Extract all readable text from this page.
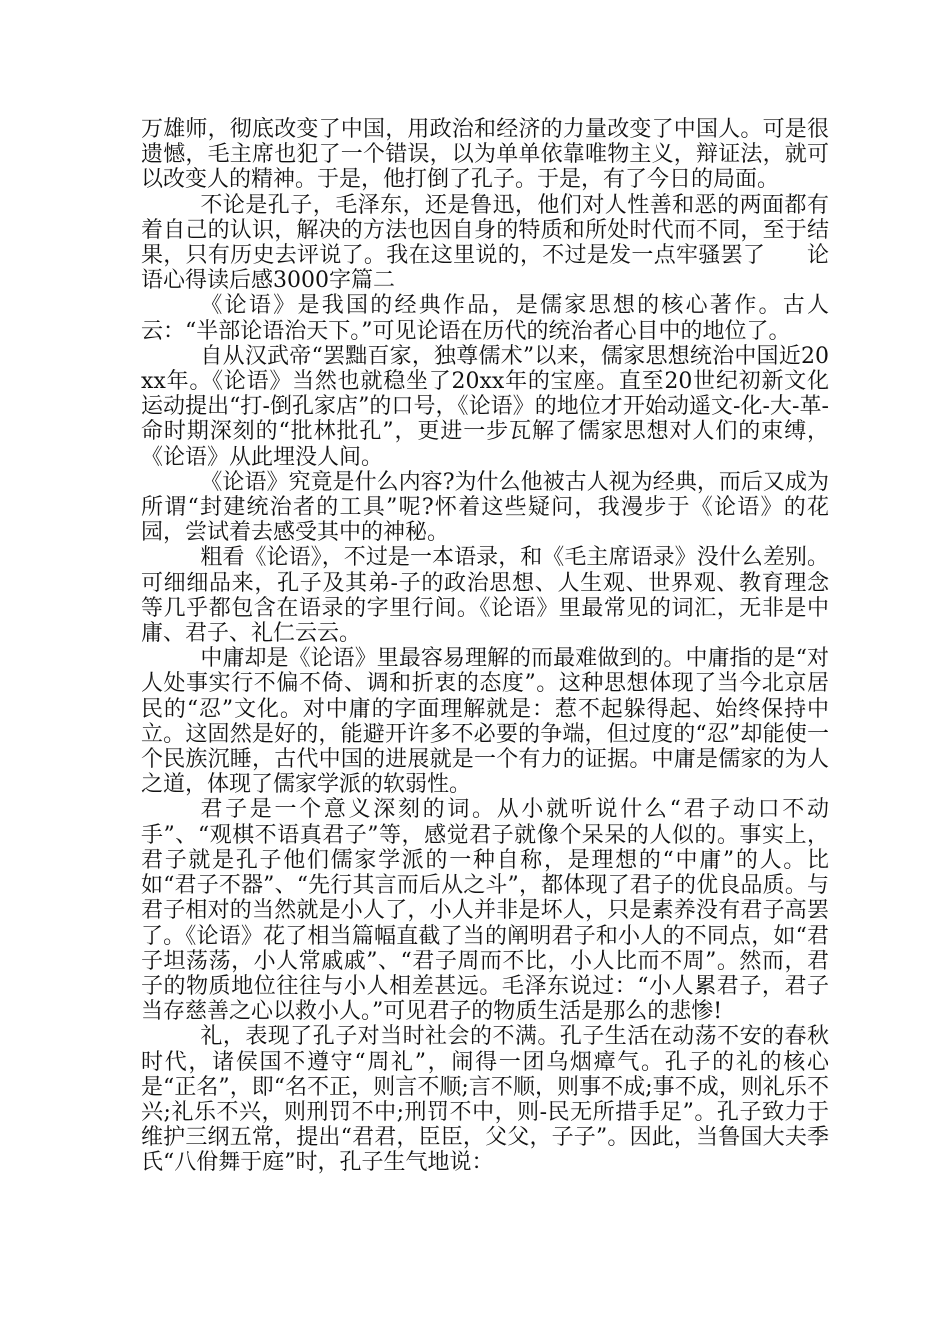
万雄师，彻底改变了中国，用政治和经济的力量改变了中国人。可是很遗憾，毛主席也犯了一个错误，以为单单依靠唯物主义，辩证法，就可以改变人的精神。于是，他打倒了孔子。于是，有了今日的局面。

不论是孔子，毛泽东，还是鲁迅，他们对人性善和恶的两面都有着自己的认识，解决的方法也因自身的特质和所处时代而不同，至于结果，只有历史去评说了。我在这里说的，不过是发一点牢骚罢了 论语心得读后感3000字篇二

《论语》是我国的经典作品，是儒家思想的核心著作。古人云：“半部论语治天下。”可见论语在历代的统治者心目中的地位了。

自从汉武帝“罢黜百家，独尊儒术”以来，儒家思想统治中国近20xx年。《论语》当然也就稳坐了20xx年的宝座。直至20世纪初新文化运动提出“打-倒孔家店”的口号，《论语》的地位才开始动遥文-化-大-革-命时期深刻的“批林批孔”，更进一步瓦解了儒家思想对人们的束缚，《论语》从此埋没人间。

《论语》究竟是什么内容?为什么他被古人视为经典，而后又成为所谓“封建统治者的工具”呢?怀着这些疑问，我漫步于《论语》的花园，尝试着去感受其中的神秘。

粗看《论语》，不过是一本语录，和《毛主席语录》没什么差别。可细细品来，孔子及其弟-子的政治思想、人生观、世界观、教育理念等几乎都包含在语录的字里行间。《论语》里最常见的词汇，无非是中庸、君子、礼仁云云。

中庸却是《论语》里最容易理解的而最难做到的。中庸指的是“对人处事实行不偏不倚、调和折衷的态度”。这种思想体现了当今北京居民的“忍”文化。对中庸的字面理解就是：惹不起躲得起、始终保持中立。这固然是好的，能避开许多不必要的争端，但过度的“忍”却能使一个民族沉睡，古代中国的进展就是一个有力的证据。中庸是儒家的为人之道，体现了儒家学派的软弱性。

君子是一个意义深刻的词。从小就听说什么“君子动口不动手”、“观棋不语真君子”等，感觉君子就像个呆呆的人似的。事实上，君子就是孔子他们儒家学派的一种自称，是理想的“中庸”的人。比如“君子不器”、“先行其言而后从之斗”，都体现了君子的优良品质。与君子相对的当然就是小人了，小人并非是坏人，只是素养没有君子高罢了。《论语》花了相当篇幅直截了当的阐明君子和小人的不同点，如“君子坦荡荡，小人常戚戚”、“君子周而不比，小人比而不周”。然而，君子的物质地位往往与小人相差甚远。毛泽东说过：“小人累君子，君子当存慈善之心以救小人。”可见君子的物质生活是那么的悲惨!

礼，表现了孔子对当时社会的不满。孔子生活在动荡不安的春秋时代，诸侯国不遵守“周礼”，闹得一团乌烟瘴气。孔子的礼的核心是“正名”，即“名不正，则言不顺;言不顺，则事不成;事不成，则礼乐不兴;礼乐不兴，则刑罚不中;刑罚不中，则-民无所措手足”。孔子致力于维护三纲五常，提出“君君，臣臣，父父，子子”。因此，当鲁国大夫季氏“八佾舞于庭”时，孔子生气地说：
